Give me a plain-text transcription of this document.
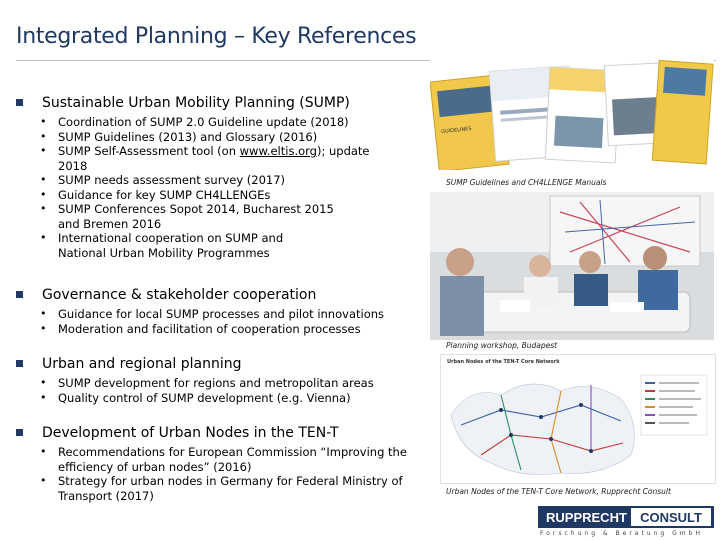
Integrated Planning – Key References
Sustainable Urban Mobility Planning (SUMP)
• Coordination of SUMP 2.0 Guideline update (2018)
• SUMP Guidelines (2013) and Glossary (2016)
• SUMP Self-Assessment tool (on www.eltis.org); update 2018
• SUMP needs assessment survey (2017)
• Guidance for key SUMP CH4LLENGEs
• SUMP Conferences Sopot 2014, Bucharest 2015 and Bremen 2016
• International cooperation on SUMP and National Urban Mobility Programmes
Governance & stakeholder cooperation
• Guidance for local SUMP processes and pilot innovations
• Moderation and facilitation of cooperation processes
Urban and regional planning
• SUMP development for regions and metropolitan areas
• Quality control of SUMP development (e.g. Vienna)
Development of Urban Nodes in the TEN-T
• Recommendations for European Commission “Improving the efficiency of urban nodes” (2016)
• Strategy for urban nodes in Germany for Federal Ministry of Transport (2017)
GUIDELINES
SUMP Guidelines and CH4LLENGE Manuals
Planning workshop, Budapest
Urban Nodes of the TEN-T Core Network
Urban Nodes of the TEN-T Core Network, Rupprecht Consult
RUPPRECHT	CONSULT
Forschung & Beratung GmbH
